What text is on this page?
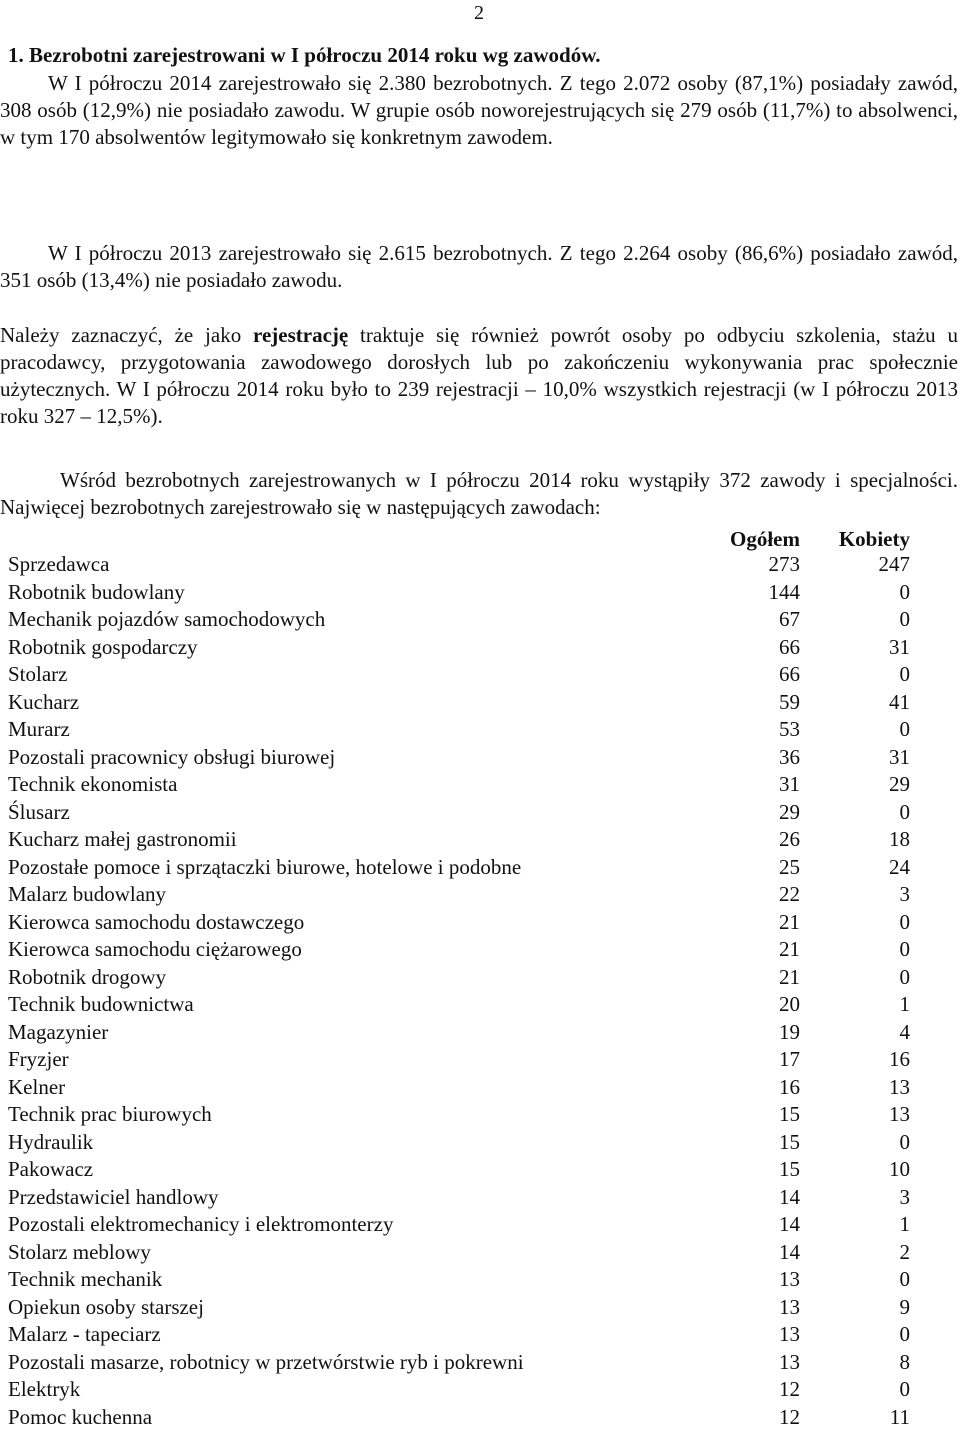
2
1. Bezrobotni zarejestrowani w I półroczu 2014 roku wg zawodów.

W I półroczu 2014 zarejestrowało się 2.380 bezrobotnych. Z tego 2.072 osoby (87,1%) posiadały zawód, 308 osób (12,9%) nie posiadało zawodu. W grupie osób noworejestrujących się 279 osób (11,7%) to absolwenci, w tym 170 absolwentów legitymowało się konkretnym zawodem.

W I półroczu 2013 zarejestrowało się 2.615 bezrobotnych. Z tego 2.264 osoby (86,6%) posiadało zawód, 351 osób (13,4%) nie posiadało zawodu.

Należy zaznaczyć, że jako rejestrację traktuje się również powrót osoby po odbyciu szkolenia, stażu u pracodawcy, przygotowania zawodowego dorosłych lub po zakończeniu wykonywania prac społecznie użytecznych. W I półroczu 2014 roku było to 239 rejestracji – 10,0% wszystkich rejestracji (w I półroczu 2013 roku 327 – 12,5%).

Wśród bezrobotnych zarejestrowanych w I półroczu 2014 roku wystąpiły 372 zawody i specjalności. Najwięcej bezrobotnych zarejestrowało się w następujących zawodach:

Ogółem Kobiety
Sprzedawca	273	247
Robotnik budowlany	144	0
Mechanik pojazdów samochodowych	67	0
Robotnik gospodarczy	66	31
Stolarz	66	0
Kucharz	59	41
Murarz	53	0
Pozostali pracownicy obsługi biurowej	36	31
Technik ekonomista	31	29
Ślusarz	29	0
Kucharz małej gastronomii	26	18
Pozostałe pomoce i sprzątaczki biurowe, hotelowe i podobne	25	24
Malarz budowlany	22	3
Kierowca samochodu dostawczego	21	0
Kierowca samochodu ciężarowego	21	0
Robotnik drogowy	21	0
Technik budownictwa	20	1
Magazynier	19	4
Fryzjer	17	16
Kelner	16	13
Technik prac biurowych	15	13
Hydraulik	15	0
Pakowacz	15	10
Przedstawiciel handlowy	14	3
Pozostali elektromechanicy i elektromonterzy	14	1
Stolarz meblowy	14	2
Technik mechanik	13	0
Opiekun osoby starszej	13	9
Malarz - tapeciarz	13	0
Pozostali masarze, robotnicy w przetwórstwie ryb i pokrewni	13	8
Elektryk	12	0
Pomoc kuchenna	12	11
